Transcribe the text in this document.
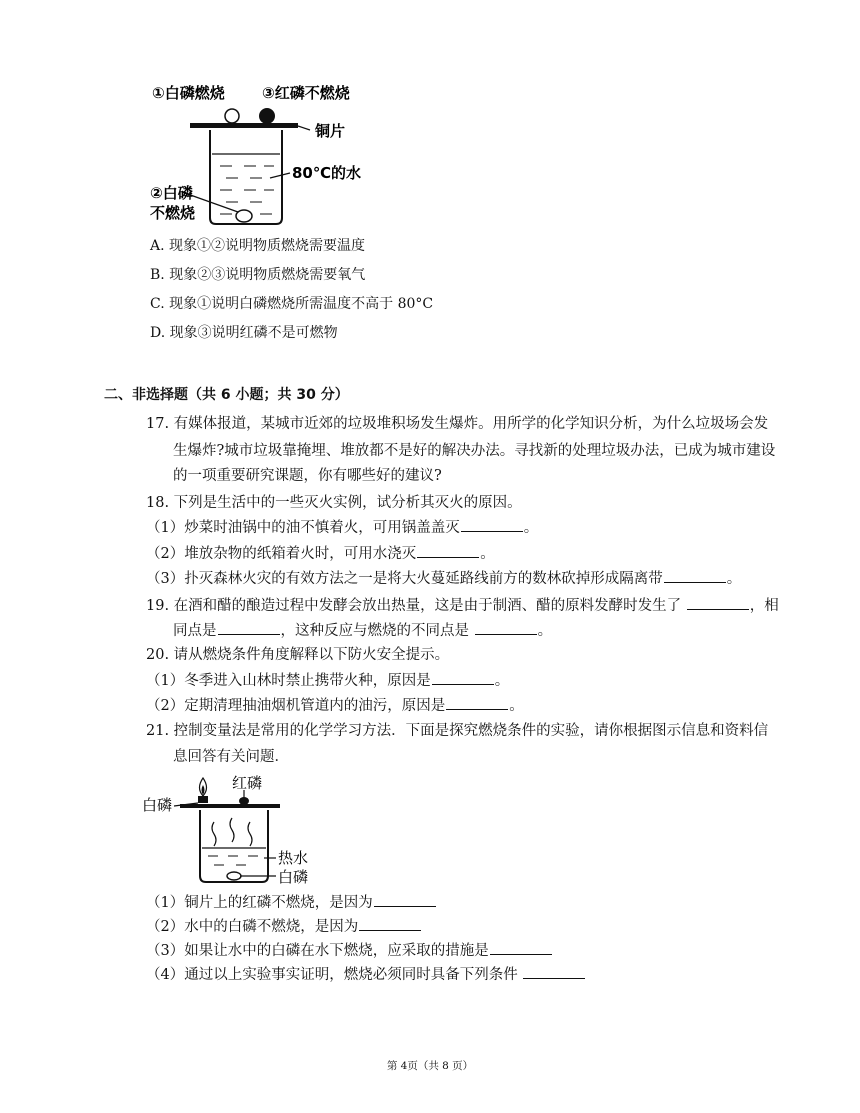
①白磷燃烧 ③红磷不燃烧
铜片
80℃的水
②白磷
不燃烧
A. 现象①②说明物质燃烧需要温度
B. 现象②③说明物质燃烧需要氧气
C. 现象①说明白磷燃烧所需温度不高于 80°C
D. 现象③说明红磷不是可燃物
二、非选择题（共 6 小题；共 30 分）
17. 有媒体报道，某城市近郊的垃圾堆积场发生爆炸。用所学的化学知识分析，为什么垃圾场会发
生爆炸?城市垃圾靠掩埋、堆放都不是好的解决办法。寻找新的处理垃圾办法，已成为城市建设
的一项重要研究课题，你有哪些好的建议?
18. 下列是生活中的一些灭火实例，试分析其灭火的原因。
（1）炒菜时油锅中的油不慎着火，可用锅盖盖灭	。
（2）堆放杂物的纸箱着火时，可用水浇灭	。
（3）扑灭森林火灾的有效方法之一是将大火蔓延路线前方的数林砍掉形成隔离带	。
19. 在酒和醋的酿造过程中发酵会放出热量，这是由于制酒、醋的原料发酵时发生了	，相
同点是	，这种反应与燃烧的不同点是	。
20. 请从燃烧条件角度解释以下防火安全提示。
（1）冬季进入山林时禁止携带火种，原因是	。
（2）定期清理抽油烟机管道内的油污，原因是	。
21. 控制变量法是常用的化学学习方法．下面是探究燃烧条件的实验，请你根据图示信息和资料信
息回答有关问题．
红磷
白磷
热水
白磷
（1）铜片上的红磷不燃烧，是因为
（2）水中的白磷不燃烧，是因为
（3）如果让水中的白磷在水下燃烧，应采取的措施是
（4）通过以上实验事实证明，燃烧必须同时具备下列条件
第 4页（共 8 页）
